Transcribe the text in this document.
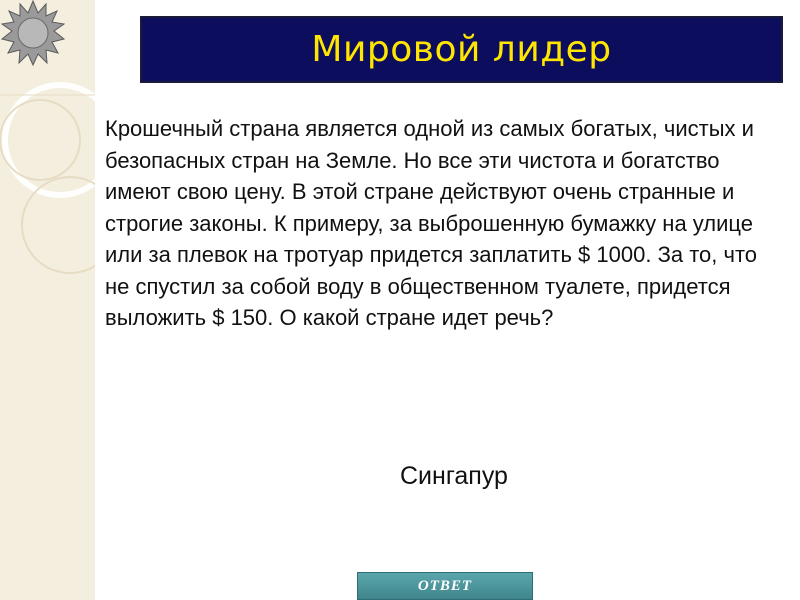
Мировой лидер

Крошечный страна является одной из самых богатых, чистых и безопасных стран на Земле. Но все эти чистота и богатство имеют свою цену. В этой стране действуют очень странные и строгие законы. К примеру, за выброшенную бумажку на улице или за плевок на тротуар придется заплатить $ 1000. За то, что не спустил за собой воду в общественном туалете, придется выложить $ 150. О какой стране идет речь?

Сингапур
ОТВЕТ
